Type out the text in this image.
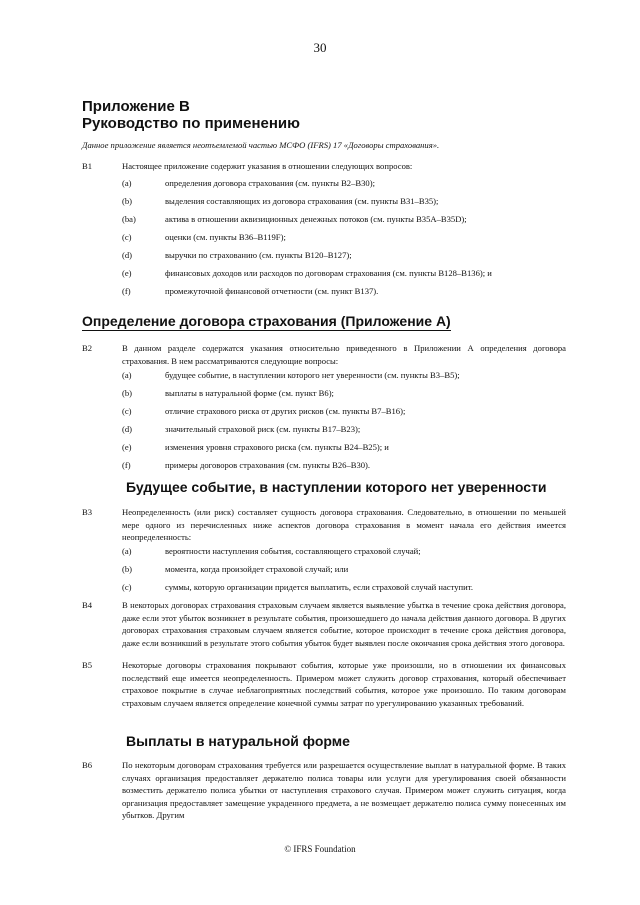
30
Приложение В
Руководство по применению
Данное приложение является неотъемлемой частью МСФО (IFRS) 17 «Договоры страхования».
B1	Настоящее приложение содержит указания в отношении следующих вопросов:
(a)	определения договора страхования (см. пункты B2–B30);
(b)	выделения составляющих из договора страхования (см. пункты B31–B35);
(ba)	актива в отношении аквизиционных денежных потоков (см. пункты B35A–B35D);
(c)	оценки (см. пункты B36–B119F);
(d)	выручки по страхованию (см. пункты B120–B127);
(e)	финансовых доходов или расходов по договорам страхования (см. пункты B128–B136); и
(f)	промежуточной финансовой отчетности (см. пункт B137).
Определение договора страхования (Приложение А)
B2	В данном разделе содержатся указания относительно приведенного в Приложении А определения договора страхования. В нем рассматриваются следующие вопросы:
(a)	будущее событие, в наступлении которого нет уверенности (см. пункты B3–B5);
(b)	выплаты в натуральной форме (см. пункт B6);
(c)	отличие страхового риска от других рисков (см. пункты B7–B16);
(d)	значительный страховой риск (см. пункты B17–B23);
(e)	изменения уровня страхового риска (см. пункты B24–B25); и
(f)	примеры договоров страхования (см. пункты B26–B30).
Будущее событие, в наступлении которого нет уверенности
B3	Неопределенность (или риск) составляет сущность договора страхования. Следовательно, в отношении по меньшей мере одного из перечисленных ниже аспектов договора страхования в момент начала его действия имеется неопределенность:
(a)	вероятности наступления события, составляющего страховой случай;
(b)	момента, когда произойдет страховой случай; или
(c)	суммы, которую организации придется выплатить, если страховой случай наступит.
B4	В некоторых договорах страхования страховым случаем является выявление убытка в течение срока действия договора, даже если этот убыток возникнет в результате события, произошедшего до начала действия данного договора. В других договорах страхования страховым случаем является событие, которое происходит в течение срока действия договора, даже если возникший в результате этого события убыток будет выявлен после окончания срока действия этого договора.
B5	Некоторые договоры страхования покрывают события, которые уже произошли, но в отношении их финансовых последствий еще имеется неопределенность. Примером может служить договор страхования, который обеспечивает страховое покрытие в случае неблагоприятных последствий события, которое уже произошло. По таким договорам страховым случаем является определение конечной суммы затрат по урегулированию указанных требований.
Выплаты в натуральной форме
B6	По некоторым договорам страхования требуется или разрешается осуществление выплат в натуральной форме. В таких случаях организация предоставляет держателю полиса товары или услуги для урегулирования своей обязанности возместить держателю полиса убытки от наступления страхового случая. Примером может служить ситуация, когда организация предоставляет замещение украденного предмета, а не возмещает держателю полиса сумму понесенных им убытков. Другим
© IFRS Foundation
